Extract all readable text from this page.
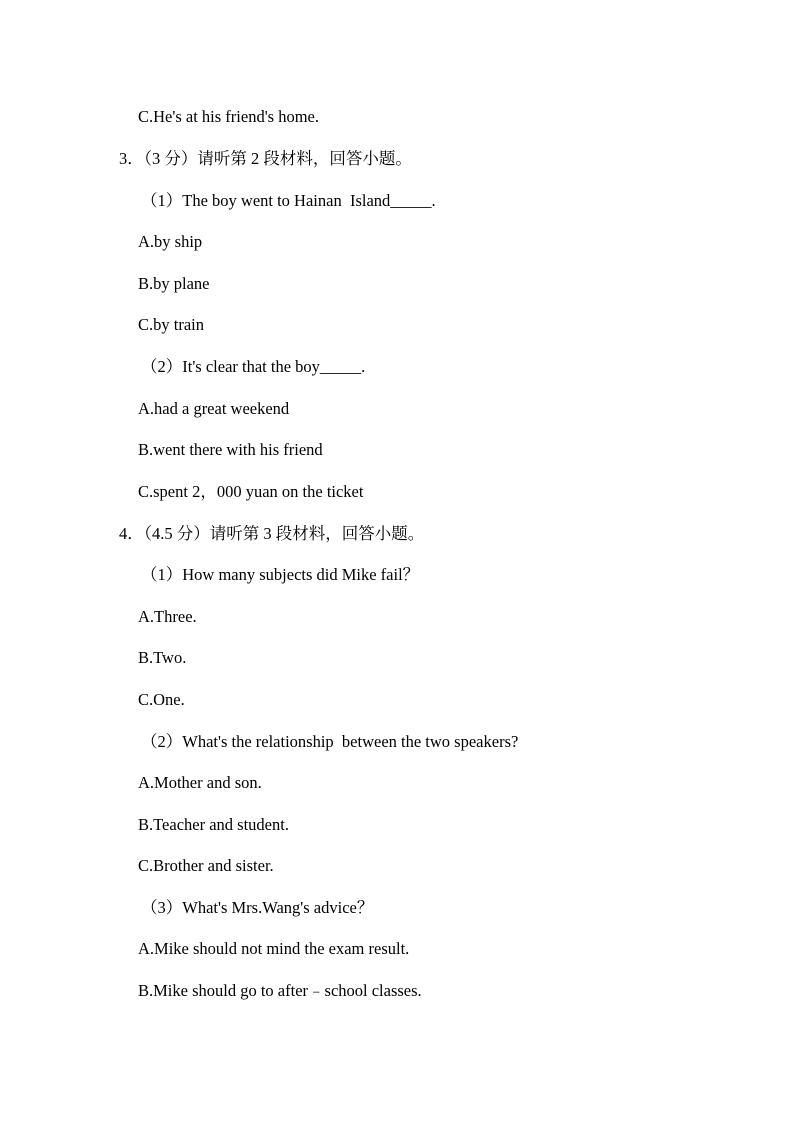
C.He's at his friend's home.
3．（3 分）请听第 2 段材料，回答小题。
（1）The boy went to Hainan  Island_____.
A.by ship
B.by plane
C.by train
（2）It's clear that the boy_____.
A.had a great weekend
B.went there with his friend
C.spent 2，000 yuan on the ticket
4．（4.5 分）请听第 3 段材料，回答小题。
（1）How many subjects did Mike fail？
A.Three.
B.Two.
C.One.
（2）What's the relationship  between the two speakers?
A.Mother and son.
B.Teacher and student.
C.Brother and sister.
（3）What's Mrs.Wang's advice？
A.Mike should not mind the exam result.
B.Mike should go to after﹣school classes.
